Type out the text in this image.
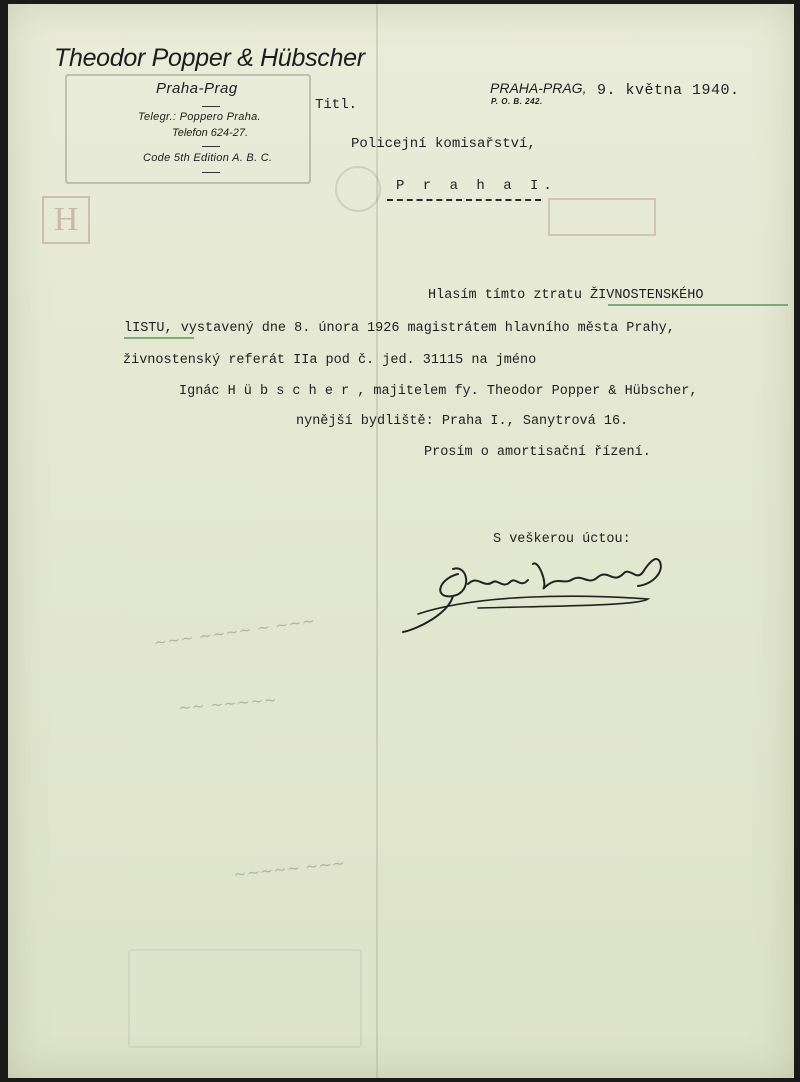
H
Theodor Popper & Hübscher
Praha-Prag
Telegr.: Poppero Praha.
Telefon 624-27.
Code 5th Edition A. B. C.
PRAHA-PRAG,
P. O. B. 242.
9. května 1940.
Titl.
Policejní komisařství,
P r a h a I.
Hlasím tímto ztratu ŽIVNOSTENSKÉHO
lISTU, vystavený dne 8. února 1926 magistrátem hlavního města Prahy,
živnostenský referát IIa pod č. jed. 31115 na jméno
Ignác H ü b s c h e r , majitelem fy. Theodor Popper & Hübscher,
nynější bydliště: Praha I., Sanytrová 16.
Prosím o amortisační řízení.
S veškerou úctou:
~~~ ~~~~ ~ ~~~
~~ ~~~~~
~~~~~ ~~~
